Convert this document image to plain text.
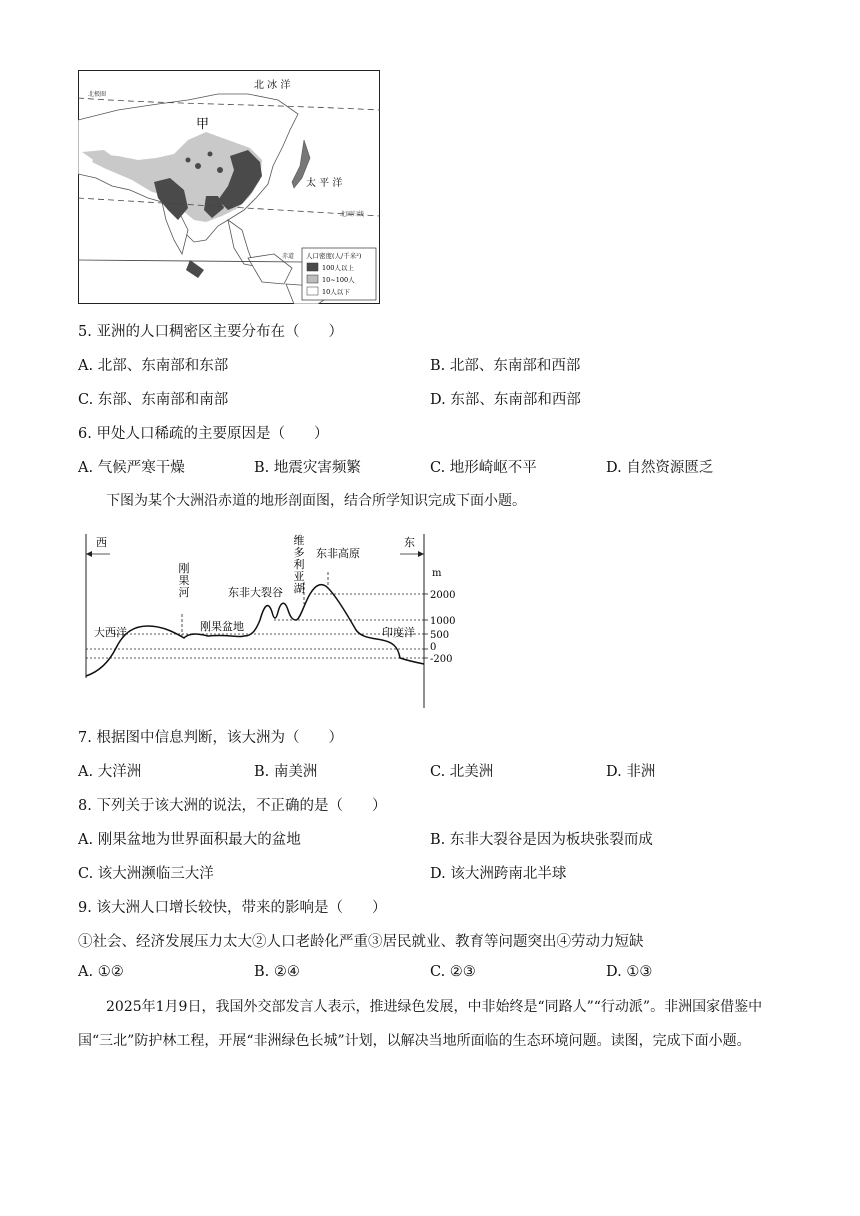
北 冰 洋
北极圈
甲
太 平 洋
北回归线
赤道 人口密度(人/千米²)
100人以上
10~100人
10人以下
5. 亚洲的人口稠密区主要分布在（　　）
A. 北部、东南部和东部	B. 北部、东南部和西部
C. 东部、东南部和南部	D. 东部、东南部和西部
6. 甲处人口稀疏的主要原因是（　　）
A. 气候严寒干燥	B. 地震灾害频繁	C. 地形崎岖不平	D. 自然资源匮乏
下图为某个大洲沿赤道的地形剖面图，结合所学知识完成下面小题。
西	东
大西洋	印度洋
刚果盆地
东非大裂谷
东非高原
m
刚果河
维多利亚湖
2000
1000
500
0
-200
7. 根据图中信息判断，该大洲为（　　）
A. 大洋洲	B. 南美洲	C. 北美洲	D. 非洲
8. 下列关于该大洲的说法，不正确的是（　　）
A. 刚果盆地为世界面积最大的盆地	B. 东非大裂谷是因为板块张裂而成
C. 该大洲濒临三大洋	D. 该大洲跨南北半球
9. 该大洲人口增长较快，带来的影响是（　　）
①社会、经济发展压力太大②人口老龄化严重③居民就业、教育等问题突出④劳动力短缺
A. ①②	B. ②④	C. ②③	D. ①③
2025年1月9日，我国外交部发言人表示，推进绿色发展，中非始终是“同路人”“行动派”。非洲国家借鉴中国“三北”防护林工程，开展“非洲绿色长城”计划，以解决当地所面临的生态环境问题。读图，完成下面小题。
